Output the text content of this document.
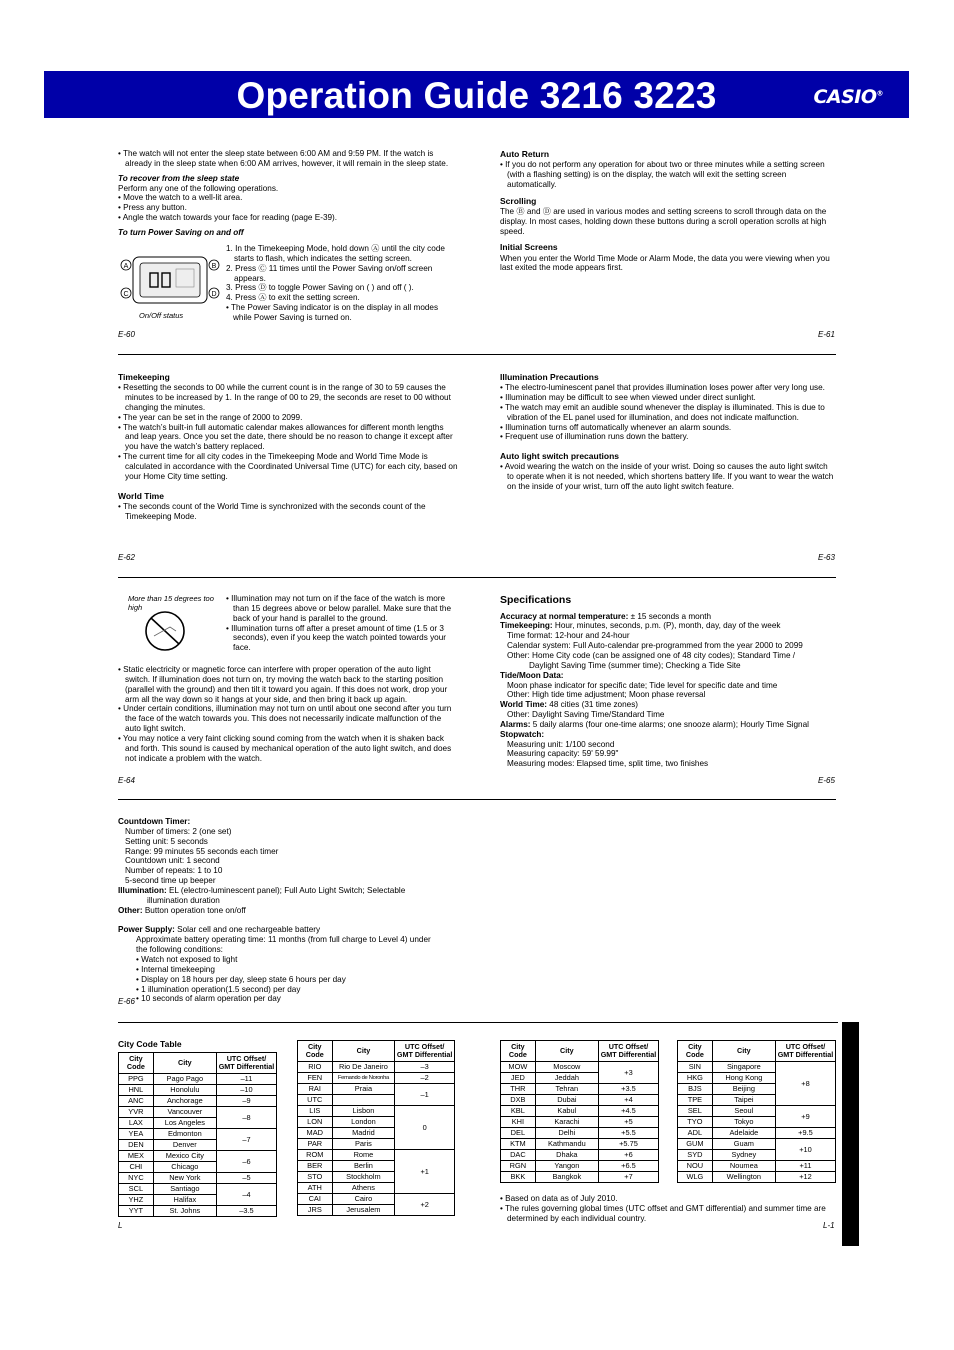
Operation Guide 3216 3223	CASIO®
• The watch will not enter the sleep state between 6:00 AM and 9:59 PM. If the watch is already in the sleep state when 6:00 AM arrives, however, it will remain in the sleep state.
To recover from the sleep state

Perform any one of the following operations.

• Move the watch to a well-lit area.
• Press any button.
• Angle the watch towards your face for reading (page E-39).
To turn Power Saving on and off
A	B
C	D
On/Off status
1. In the Timekeeping Mode, hold down Ⓐ until the city code starts to flash, which indicates the setting screen.
2. Press Ⓒ 11 times until the Power Saving on/off screen appears.
3. Press Ⓓ to toggle Power Saving on ( ) and off ( ).
4. Press Ⓐ to exit the setting screen.
• The Power Saving indicator is on the display in all modes while Power Saving is turned on.
E-60
Auto Return
• If you do not perform any operation for about two or three minutes while a setting screen (with a flashing setting) is on the display, the watch will exit the setting screen automatically.
Scrolling

The Ⓑ and Ⓓ are used in various modes and setting screens to scroll through data on the display. In most cases, holding down these buttons during a scroll operation scrolls at high speed.

Initial Screens

When you enter the World Time Mode or Alarm Mode, the data you were viewing when you last exited the mode appears first.

E-61
Timekeeping
• Resetting the seconds to 00 while the current count is in the range of 30 to 59 causes the minutes to be increased by 1. In the range of 00 to 29, the seconds are reset to 00 without changing the minutes.
• The year can be set in the range of 2000 to 2099.
• The watch’s built-in full automatic calendar makes allowances for different month lengths and leap years. Once you set the date, there should be no reason to change it except after you have the watch’s battery replaced.
• The current time for all city codes in the Timekeeping Mode and World Time Mode is calculated in accordance with the Coordinated Universal Time (UTC) for each city, based on your Home City time setting.
World Time
• The seconds count of the World Time is synchronized with the seconds count of the Timekeeping Mode.
E-62
Illumination Precautions
• The electro-luminescent panel that provides illumination loses power after very long use.
• Illumination may be difficult to see when viewed under direct sunlight.
• The watch may emit an audible sound whenever the display is illuminated. This is due to vibration of the EL panel used for illumination, and does not indicate malfunction.
• Illumination turns off automatically whenever an alarm sounds.
• Frequent use of illumination runs down the battery.
Auto light switch precautions
• Avoid wearing the watch on the inside of your wrist. Doing so causes the auto light switch to operate when it is not needed, which shortens battery life. If you want to wear the watch on the inside of your wrist, turn off the auto light switch feature.
E-63
More than 15 degrees too high
• Illumination may not turn on if the face of the watch is more than 15 degrees above or below parallel. Make sure that the back of your hand is parallel to the ground.
• Illumination turns off after a preset amount of time (1.5 or 3 seconds), even if you keep the watch pointed towards your face.
• Static electricity or magnetic force can interfere with proper operation of the auto light switch. If illumination does not turn on, try moving the watch back to the starting position (parallel with the ground) and then tilt it toward you again. If this does not work, drop your arm all the way down so it hangs at your side, and then bring it back up again.
• Under certain conditions, illumination may not turn on until about one second after you turn the face of the watch towards you. This does not necessarily indicate malfunction of the auto light switch.
• You may notice a very faint clicking sound coming from the watch when it is shaken back and forth. This sound is caused by mechanical operation of the auto light switch, and does not indicate a problem with the watch.
E-64
Specifications

Accuracy at normal temperature: ± 15 seconds a month

Timekeeping: Hour, minutes, seconds, p.m. (P), month, day, day of the week

Time format: 12-hour and 24-hour

Calendar system: Full Auto-calendar pre-programmed from the year 2000 to 2099

Other: Home City code (can be assigned one of 48 city codes); Standard Time /

Daylight Saving Time (summer time); Checking a Tide Site

Tide/Moon Data:

Moon phase indicator for specific date; Tide level for specific date and time

Other: High tide time adjustment; Moon phase reversal

World Time: 48 cities (31 time zones)

Other: Daylight Saving Time/Standard Time

Alarms: 5 daily alarms (four one-time alarms; one snooze alarm); Hourly Time Signal

Stopwatch:

Measuring unit: 1/100 second

Measuring capacity: 59' 59.99"

Measuring modes: Elapsed time, split time, two finishes

E-65

Countdown Timer:

Number of timers: 2 (one set)

Setting unit: 5 seconds

Range: 99 minutes 55 seconds each timer

Countdown unit: 1 second

Number of repeats: 1 to 10

5-second time up beeper

Illumination: EL (electro-luminescent panel); Full Auto Light Switch; Selectable

illumination duration

Other: Button operation tone on/off

Power Supply: Solar cell and one rechargeable battery

Approximate battery operating time: 11 months (from full charge to Level 4) under

the following conditions:

• Watch not exposed to light
• Internal timekeeping
• Display on 18 hours per day, sleep state 6 hours per day
• 1 illumination operation(1.5 second) per day
• 10 seconds of alarm operation per day
E-66
City Code Table
City Code	City	UTC Offset/ GMT Differential
PPG	Pago Pago	–11
HNL	Honolulu	–10
ANC	Anchorage	–9
YVR	Vancouver	–8
LAX	Los Angeles	
YEA	Edmonton	–7
DEN	Denver	
MEX	Mexico City	–6
CHI	Chicago	
NYC	New York	–5
SCL	Santiago	–4
YHZ	Halifax	
YYT	St. Johns	–3.5
City Code	City	UTC Offset/ GMT Differential
RIO	Rio De Janeiro	–3
FEN	Fernando de Noronha	–2
RAI	Praia	–1
UTC		
LIS	Lisbon	0
LON	London	
MAD	Madrid	
PAR	Paris	
ROM	Rome	+1
BER	Berlin	
STO	Stockholm	
ATH	Athens	
CAI	Cairo	+2
JRS	Jerusalem	
City Code	City	UTC Offset/ GMT Differential
MOW	Moscow	+3
JED	Jeddah	
THR	Tehran	+3.5
DXB	Dubai	+4
KBL	Kabul	+4.5
KHI	Karachi	+5
DEL	Delhi	+5.5
KTM	Kathmandu	+5.75
DAC	Dhaka	+6
RGN	Yangon	+6.5
BKK	Bangkok	+7
City Code	City	UTC Offset/ GMT Differential
SIN	Singapore	+8
HKG	Hong Kong	
BJS	Beijing	
TPE	Taipei	
SEL	Seoul	+9
TYO	Tokyo	
ADL	Adelaide	+9.5
GUM	Guam	+10
SYD	Sydney	
NOU	Noumea	+11
WLG	Wellington	+12
• Based on data as of July 2010.
• The rules governing global times (UTC offset and GMT differential) and summer time are determined by each individual country.
L	L-1
